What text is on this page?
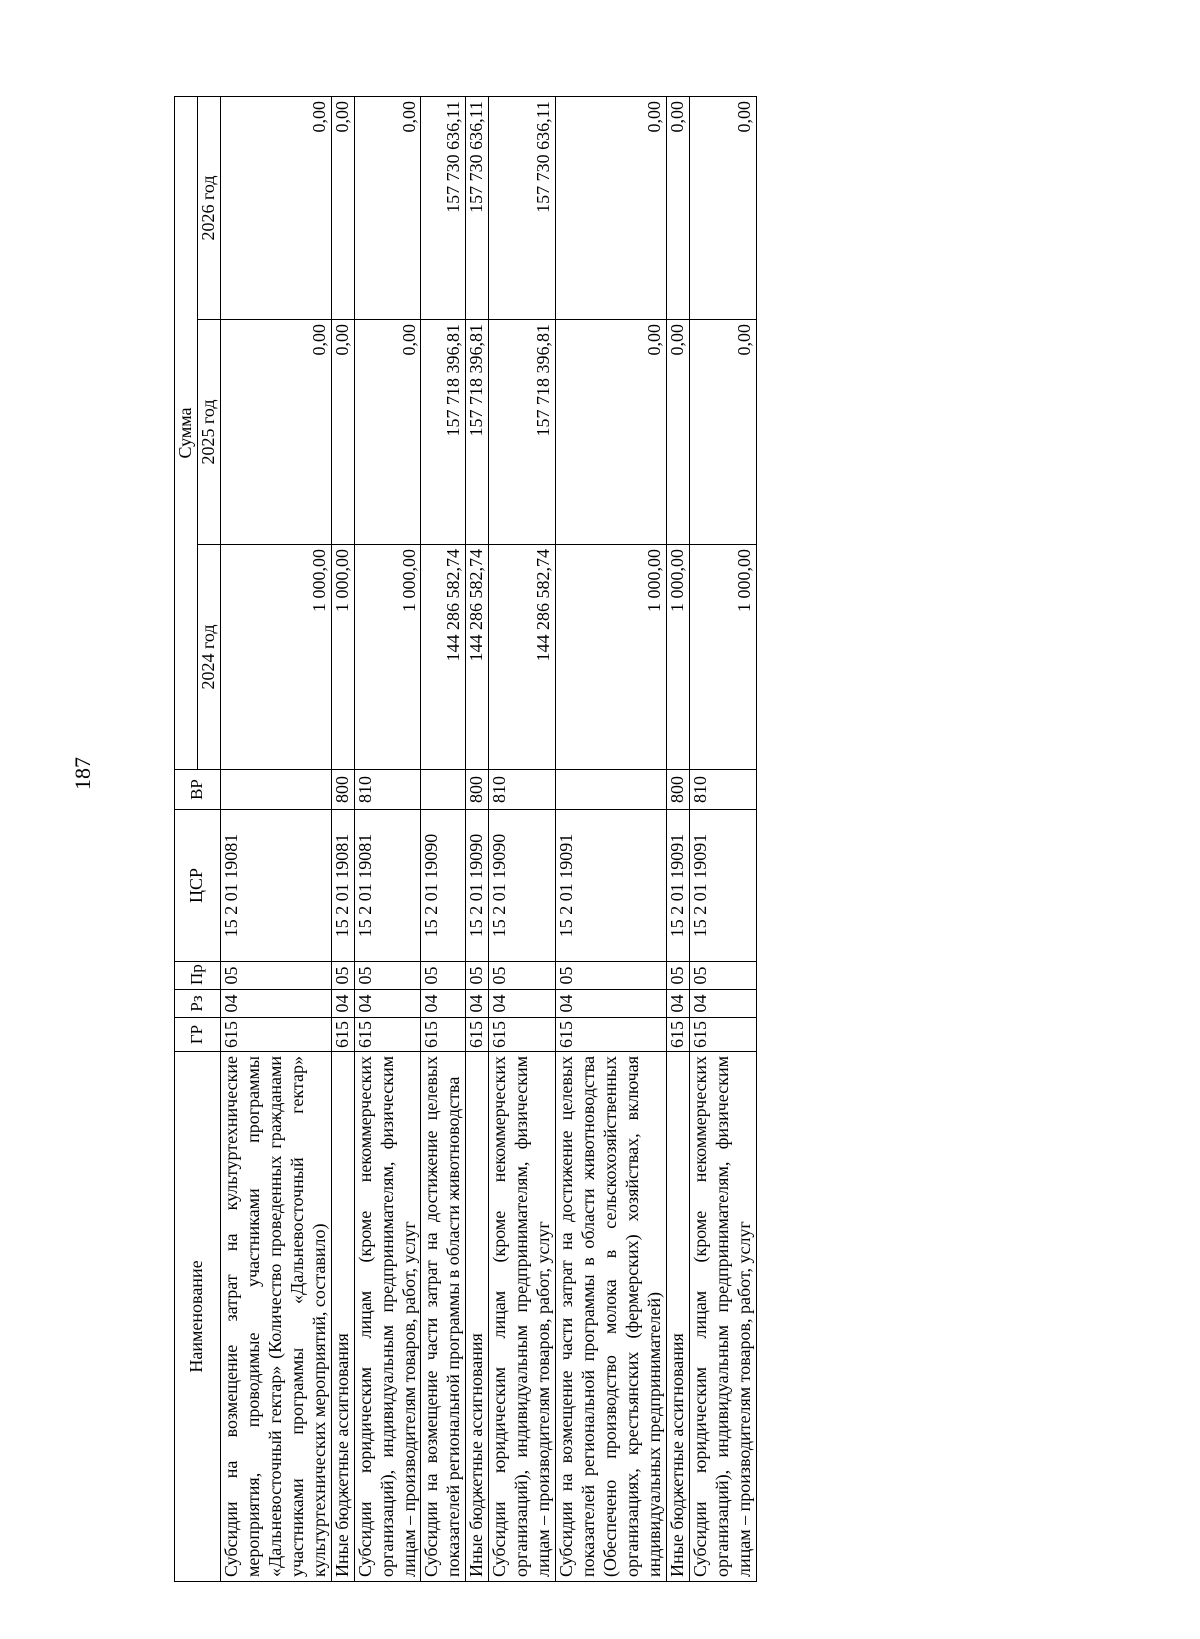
187
Наименование	ГР	Рз	Пр	ЦСР	ВР	Сумма		
						2024 год	2025 год	2026 год
Субсидии на возмещение затрат на культуртехнические мероприятия, проводимые участниками программы «Дальневосточный гектар» (Количество проведенных гражданами участниками программы «Дальневосточный гектар» культуртехнических мероприятий, составило)	615	04	05	15 2 01 19081		1 000,00	0,00	0,00
Иные бюджетные ассигнования	615	04	05	15 2 01 19081	800	1 000,00	0,00	0,00
Субсидии юридическим лицам (кроме некоммерческих организаций), индивидуальным предпринимателям, физическим лицам – производителям товаров, работ, услуг	615	04	05	15 2 01 19081	810	1 000,00	0,00	0,00
Субсидии на возмещение части затрат на достижение целевых показателей региональной программы в области животноводства	615	04	05	15 2 01 19090		144 286 582,74	157 718 396,81	157 730 636,11
Иные бюджетные ассигнования	615	04	05	15 2 01 19090	800	144 286 582,74	157 718 396,81	157 730 636,11
Субсидии юридическим лицам (кроме некоммерческих организаций), индивидуальным предпринимателям, физическим лицам – производителям товаров, работ, услуг	615	04	05	15 2 01 19090	810	144 286 582,74	157 718 396,81	157 730 636,11
Субсидии на возмещение части затрат на достижение целевых показателей региональной программы в области животноводства (Обеспечено производство молока в сельскохозяйственных организациях, крестьянских (фермерских) хозяйствах, включая индивидуальных предпринимателей)	615	04	05	15 2 01 19091		1 000,00	0,00	0,00
Иные бюджетные ассигнования	615	04	05	15 2 01 19091	800	1 000,00	0,00	0,00
Субсидии юридическим лицам (кроме некоммерческих организаций), индивидуальным предпринимателям, физическим лицам – производителям товаров, работ, услуг	615	04	05	15 2 01 19091	810	1 000,00	0,00	0,00
